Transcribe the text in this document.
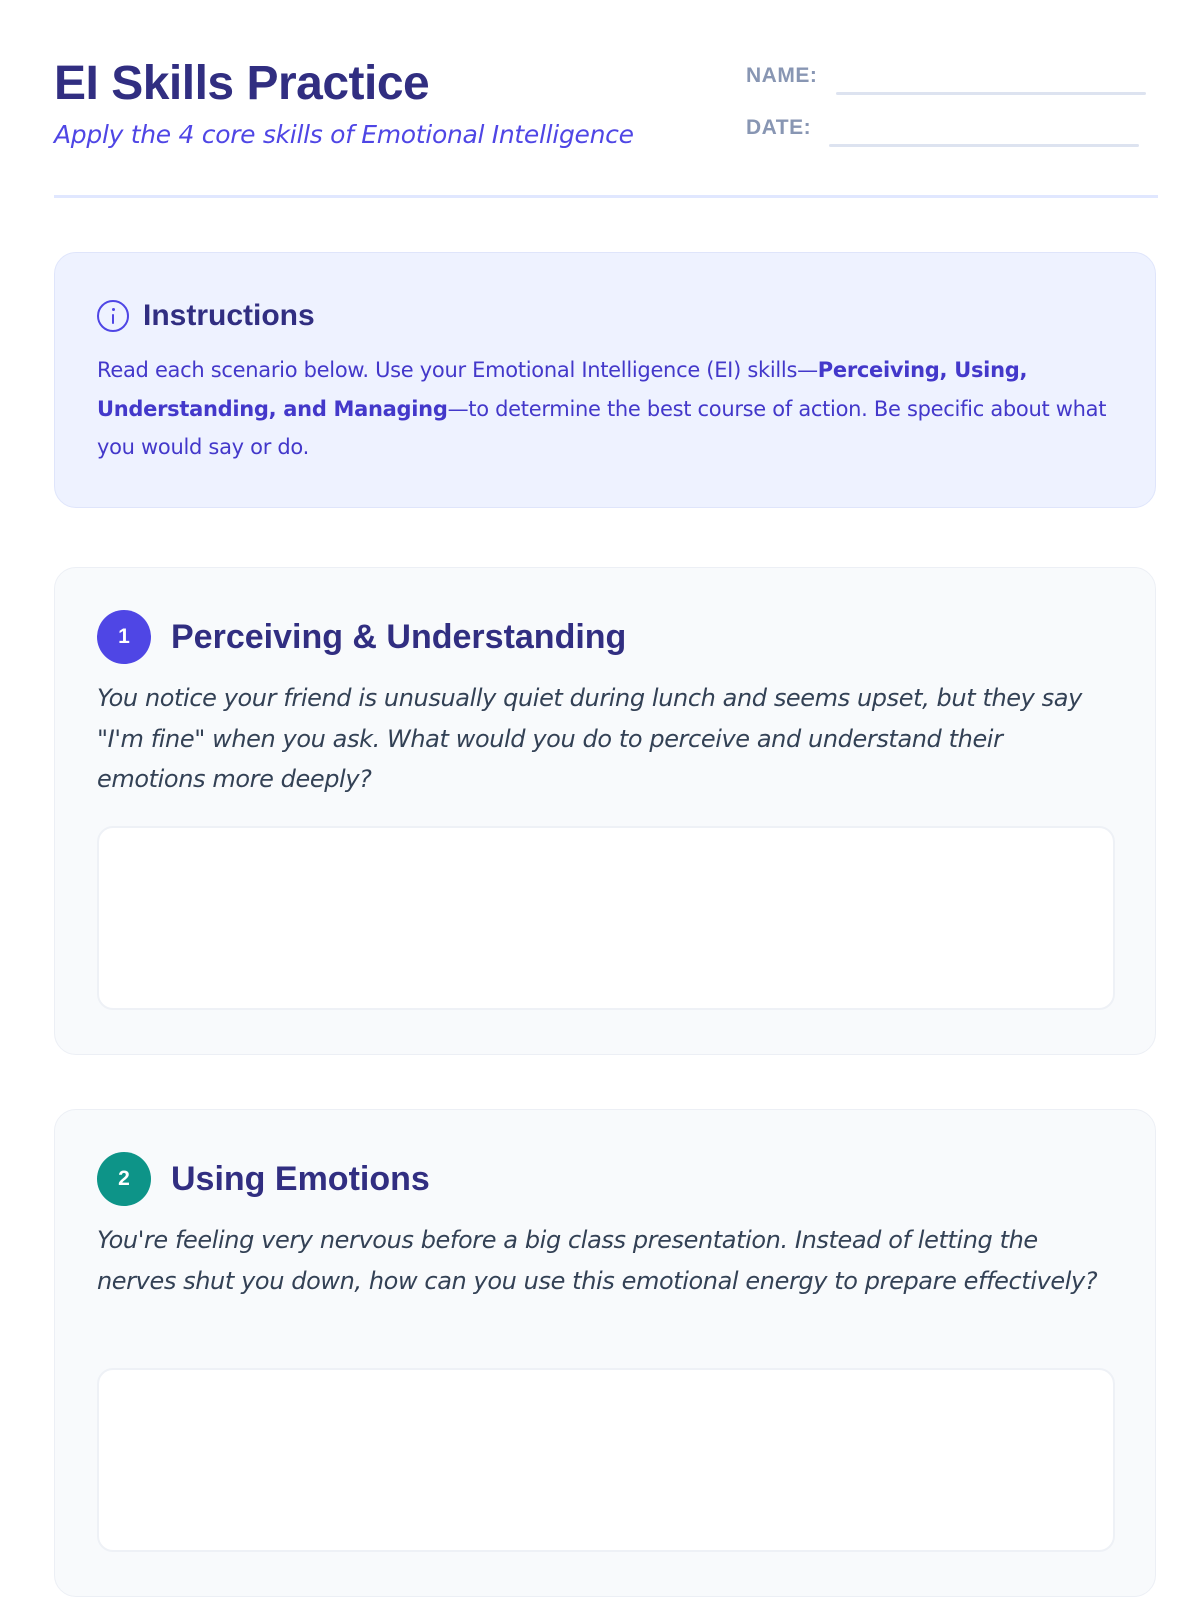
EI Skills Practice
Apply the 4 core skills of Emotional Intelligence
NAME:
DATE:
Instructions
Read each scenario below. Use your Emotional Intelligence (EI) skills—Perceiving, Using, Understanding, and Managing—to determine the best course of action. Be specific about what you would say or do.
1	Perceiving & Understanding
You notice your friend is unusually quiet during lunch and seems upset, but they say "I'm fine" when you ask. What would you do to perceive and understand their emotions more deeply?
2	Using Emotions
You're feeling very nervous before a big class presentation. Instead of letting the nerves shut you down, how can you use this emotional energy to prepare effectively?
